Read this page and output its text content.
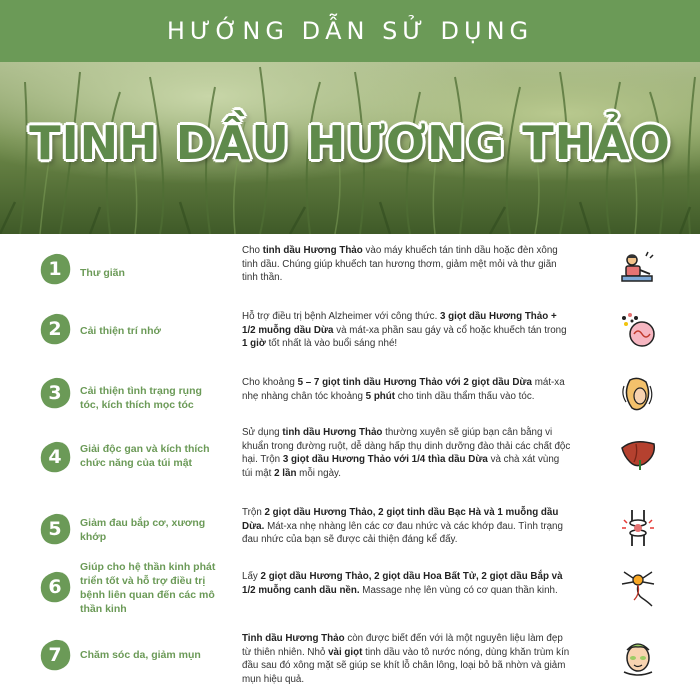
HƯỚNG DẪN SỬ DỤNG
TINH DẦU HƯƠNG THẢO
1	Thư giãn
Cho tinh dầu Hương Thảo vào máy khuếch tán tinh dầu hoặc đèn xông tinh dầu. Chúng giúp khuếch tan hương thơm, giảm mệt mỏi và thư giãn tinh thần.
2	Cải thiện trí nhớ
Hỗ trợ điều trị bệnh Alzheimer với công thức. 3 giọt dầu Hương Thảo + 1/2 muỗng dầu Dừa và mát-xa phần sau gáy và cổ hoặc khuếch tán trong 1 giờ tốt nhất là vào buổi sáng nhé!
3	Cải thiện tình trạng rụng tóc, kích thích mọc tóc
Cho khoảng 5 – 7 giọt tinh dầu Hương Thảo với 2 giọt dầu Dừa mát-xa nhẹ nhàng chân tóc khoảng 5 phút cho tinh dầu thẩm thấu vào tóc.
4	Giải độc gan và kích thích chức năng của túi mật
Sử dụng tinh dầu Hương Thảo thường xuyên sẽ giúp bạn cân bằng vi khuẩn trong đường ruột, dễ dàng hấp thụ dinh dưỡng đào thải các chất độc hại. Trộn 3 giọt dầu Hương Thảo với 1/4 thìa dầu Dừa và chà xát vùng túi mật 2 lần mỗi ngày.
5	Giảm đau bắp cơ, xương khớp
Trộn 2 giọt dầu Hương Thảo, 2 giọt tinh dầu Bạc Hà và 1 muỗng dầu Dừa. Mát-xa nhẹ nhàng lên các cơ đau nhức và các khớp đau. Tình trạng đau nhức của bạn sẽ được cải thiện đáng kể đấy.
6
Giúp cho hệ thần kinh phát triển tốt và hỗ trợ điều trị bệnh liên quan đến các mô thần kinh
Lấy 2 giọt dầu Hương Thảo, 2 giọt dầu Hoa Bất Tử, 2 giọt dầu Bắp và 1/2 muỗng canh dầu nền. Massage nhẹ lên vùng có cơ quan thần kinh.
7	Chăm sóc da, giảm mụn
Tinh dầu Hương Thảo còn được biết đến với là một nguyên liệu làm đẹp từ thiên nhiên. Nhỏ vài giọt tinh dầu vào tô nước nóng, dùng khăn trùm kín đầu sau đó xông mặt sẽ giúp se khít lỗ chân lông, loại bỏ bã nhờn và giảm mụn hiệu quả.
